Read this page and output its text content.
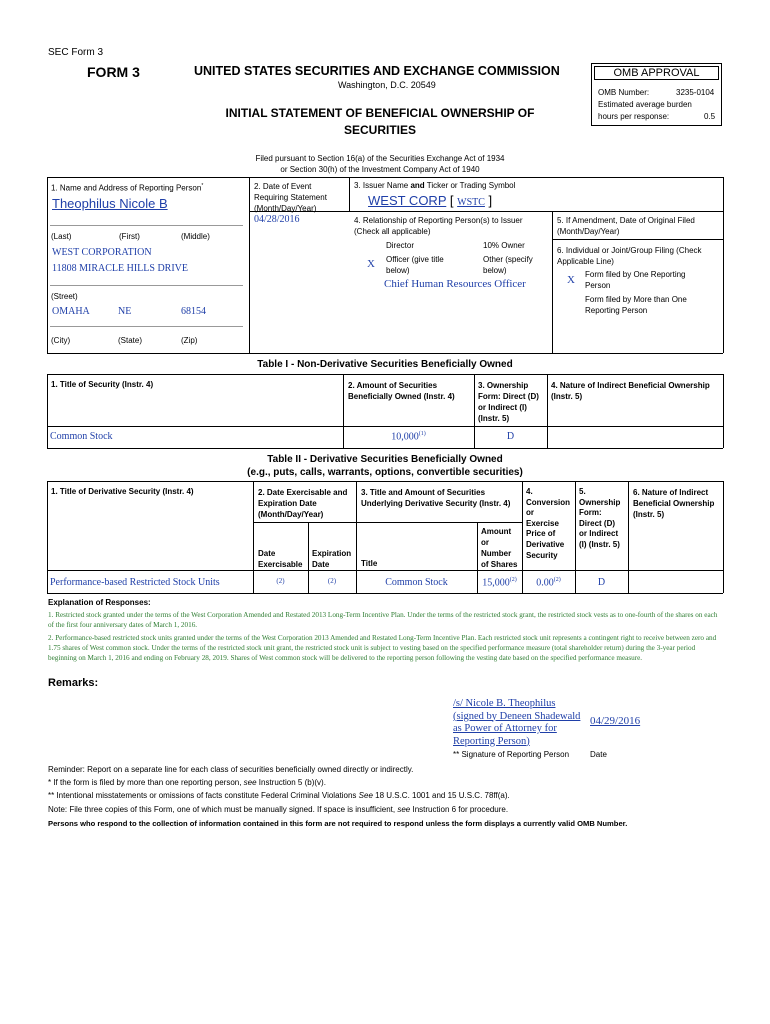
SEC Form 3
FORM 3	UNITED STATES SECURITIES AND EXCHANGE COMMISSION
Washington, D.C. 20549
INITIAL STATEMENT OF BENEFICIAL OWNERSHIP OF
SECURITIES
OMB APPROVAL
OMB Number:	3235-0104
Estimated average burden
hours per response:	0.5
Filed pursuant to Section 16(a) of the Securities Exchange Act of 1934
or Section 30(h) of the Investment Company Act of 1940
1. Name and Address of Reporting Person*
Theophilus Nicole B
(Last)	(First)	(Middle)
WEST CORPORATION
11808 MIRACLE HILLS DRIVE
(Street)
OMAHA	NE	68154
(City)	(State)	(Zip)
2. Date of Event
Requiring Statement
(Month/Day/Year)
04/28/2016
3. Issuer Name and Ticker or Trading Symbol
WEST CORP [ WSTC ]
4. Relationship of Reporting Person(s) to Issuer
(Check all applicable)
Director	10% Owner
X Officer (give title
below)
Other (specify
below)
Chief Human Resources Officer
5. If Amendment, Date of Original Filed
(Month/Day/Year)
6. Individual or Joint/Group Filing (Check
Applicable Line)
X Form filed by One Reporting
Person
Form filed by More than One
Reporting Person
Table I - Non-Derivative Securities Beneficially Owned
1. Title of Security (Instr. 4)	2. Amount of Securities
Beneficially Owned (Instr. 4)
3. Ownership
Form: Direct (D)
or Indirect (I)
(Instr. 5)
4. Nature of Indirect Beneficial Ownership
(Instr. 5)
Common Stock	10,000$^{(1)}$	D
Table II - Derivative Securities Beneficially Owned
(e.g., puts, calls, warrants, options, convertible securities)
1. Title of Derivative Security (Instr. 4)	2. Date Exercisable and
Expiration Date
(Month/Day/Year)
3. Title and Amount of Securities
Underlying Derivative Security (Instr. 4)
4.
Conversion
or
Exercise
Price of
Derivative
Security
5.
Ownership
Form:
Direct (D)
or Indirect
(I) (Instr. 5)
6. Nature of Indirect
Beneficial Ownership
(Instr. 5)
Date
Exercisable
Expiration
Date	Title
Amount
or
Number
of Shares
Performance-based Restricted Stock Units	(2)	(2)	Common Stock	15,000$^{(2)}$	0.00$^{(2)}$	D
Explanation of Responses:
1. Restricted stock granted under the terms of the West Corporation Amended and Restated 2013 Long-Term Incentive Plan. Under the terms of the restricted stock grant, the restricted stock vests as to one-fourth of the shares on each of the first four anniversary dates of March 1, 2016.
2. Performance-based restricted stock units granted under the terms of the West Corporation 2013 Amended and Restated Long-Term Incentive Plan. Each restricted stock unit represents a contingent right to receive between zero and 1.75 shares of West common stock. Under the terms of the restricted stock unit grant, the restricted stock unit is subject to vesting based on the specified performance measure (total shareholder return) during the 3-year period beginning on March 1, 2016 and ending on February 28, 2019. Shares of West common stock will be delivered to the reporting person following the vesting date based on the specified performance measure.
Remarks:
/s/ Nicole B. Theophilus
(signed by Deneen Shadewald
as Power of Attorney for
Reporting Person)
04/29/2016
** Signature of Reporting Person	Date
Reminder: Report on a separate line for each class of securities beneficially owned directly or indirectly.
* If the form is filed by more than one reporting person, see Instruction 5 (b)(v).
** Intentional misstatements or omissions of facts constitute Federal Criminal Violations See 18 U.S.C. 1001 and 15 U.S.C. 78ff(a).
Note: File three copies of this Form, one of which must be manually signed. If space is insufficient, see Instruction 6 for procedure.
Persons who respond to the collection of information contained in this form are not required to respond unless the form displays a currently valid OMB Number.
